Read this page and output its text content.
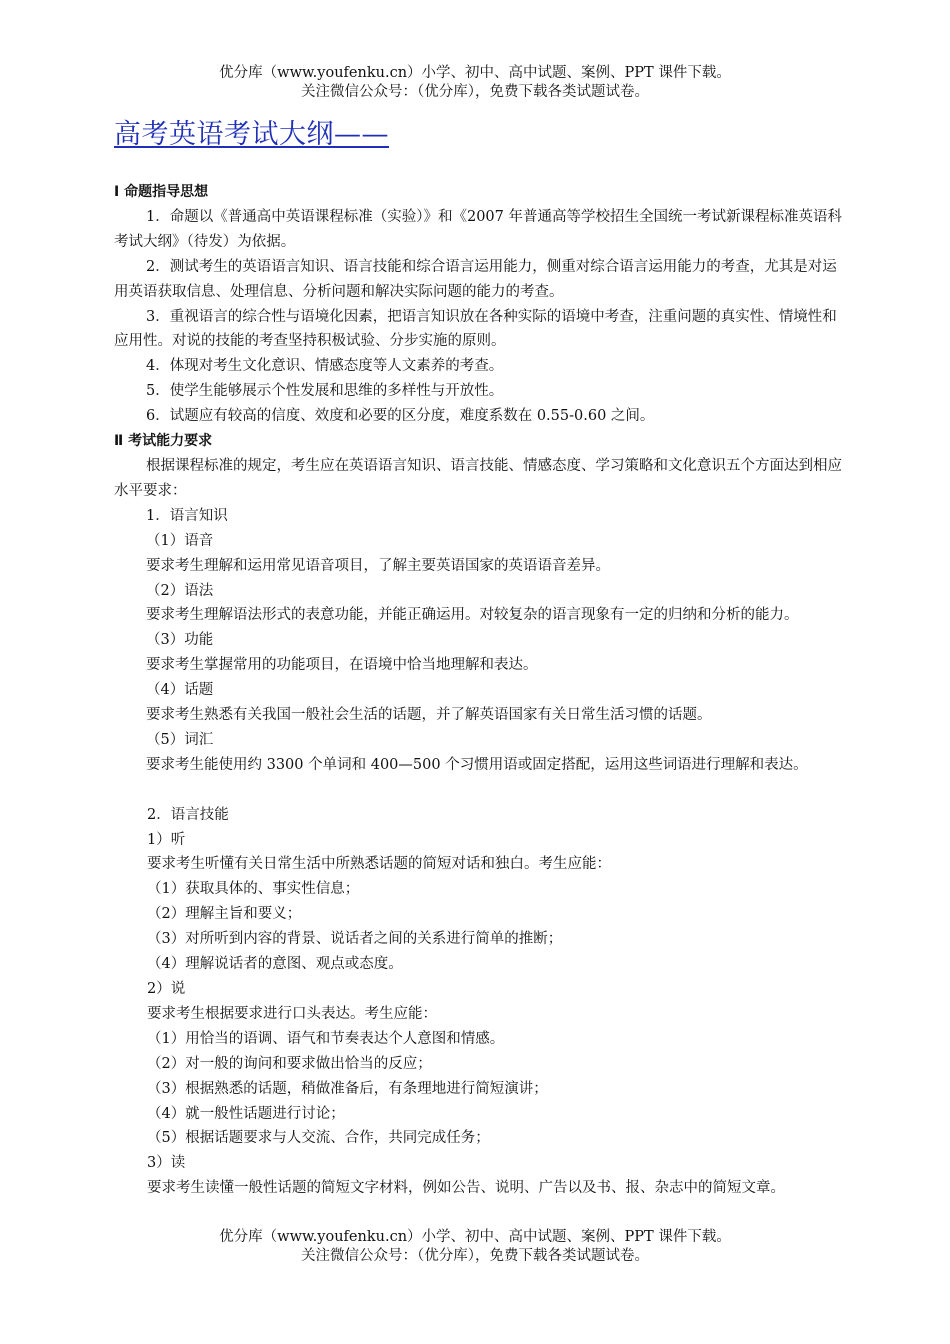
优分库（www.youfenku.cn）小学、初中、高中试题、案例、PPT 课件下载。
关注微信公众号：（优分库），免费下载各类试题试卷。
高考英语考试大纲——

Ⅰ 命题指导思想

1．命题以《普通高中英语课程标准（实验）》和《2007 年普通高等学校招生全国统一考试新课程标准英语科考试大纲》（待发）为依据。

2．测试考生的英语语言知识、语言技能和综合语言运用能力，侧重对综合语言运用能力的考查，尤其是对运用英语获取信息、处理信息、分析问题和解决实际问题的能力的考查。

3．重视语言的综合性与语境化因素，把语言知识放在各种实际的语境中考查，注重问题的真实性、情境性和应用性。对说的技能的考查坚持积极试验、分步实施的原则。

4．体现对考生文化意识、情感态度等人文素养的考查。

5．使学生能够展示个性发展和思维的多样性与开放性。

6．试题应有较高的信度、效度和必要的区分度，难度系数在 0.55-0.60 之间。

Ⅱ 考试能力要求

根据课程标准的规定，考生应在英语语言知识、语言技能、情感态度、学习策略和文化意识五个方面达到相应水平要求：

1．语言知识

（1）语音

要求考生理解和运用常见语音项目，了解主要英语国家的英语语音差异。

（2）语法

要求考生理解语法形式的表意功能，并能正确运用。对较复杂的语言现象有一定的归纳和分析的能力。

（3）功能

要求考生掌握常用的功能项目，在语境中恰当地理解和表达。

（4）话题

要求考生熟悉有关我国一般社会生活的话题，并了解英语国家有关日常生活习惯的话题。

（5）词汇

要求考生能使用约 3300 个单词和 400—500 个习惯用语或固定搭配，运用这些词语进行理解和表达。

2．语言技能

1）听

要求考生听懂有关日常生活中所熟悉话题的简短对话和独白。考生应能：

（1）获取具体的、事实性信息；

（2）理解主旨和要义；

（3）对所听到内容的背景、说话者之间的关系进行简单的推断；

（4）理解说话者的意图、观点或态度。

2）说

要求考生根据要求进行口头表达。考生应能：

（1）用恰当的语调、语气和节奏表达个人意图和情感。

（2）对一般的询问和要求做出恰当的反应；

（3）根据熟悉的话题，稍做准备后，有条理地进行简短演讲；

（4）就一般性话题进行讨论；

（5）根据话题要求与人交流、合作，共同完成任务；

3）读

要求考生读懂一般性话题的简短文字材料，例如公告、说明、广告以及书、报、杂志中的简短文章。

优分库（www.youfenku.cn）小学、初中、高中试题、案例、PPT 课件下载。
关注微信公众号：（优分库），免费下载各类试题试卷。
